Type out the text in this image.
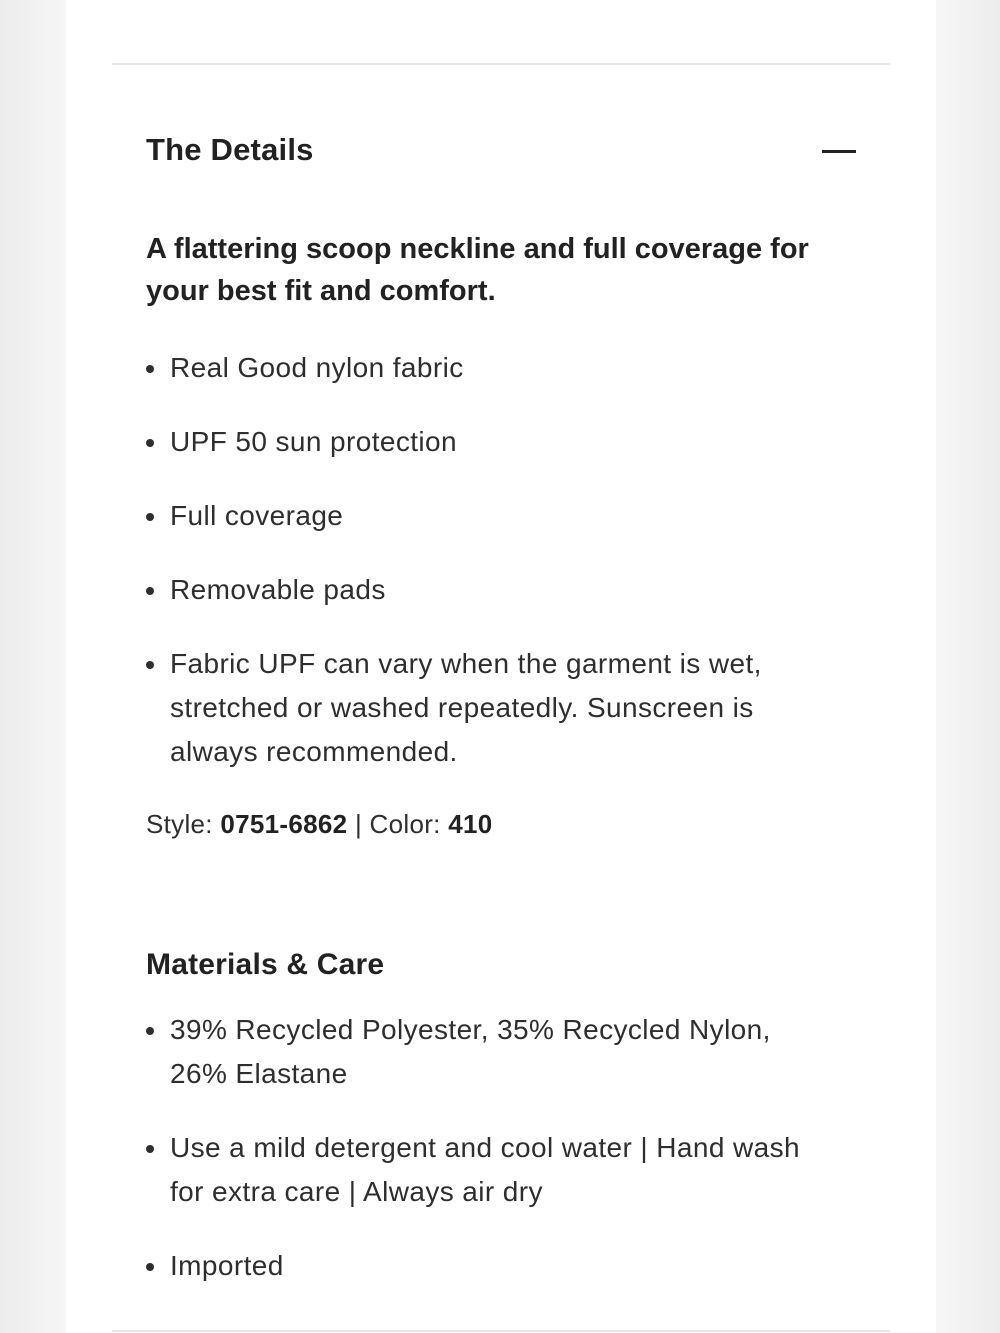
The Details

A flattering scoop neckline and full coverage for your best fit and comfort.

Real Good nylon fabric
UPF 50 sun protection
Full coverage
Removable pads
Fabric UPF can vary when the garment is wet, stretched or washed repeatedly. Sunscreen is always recommended.
Style: 0751-6862 | Color: 410
Materials & Care
39% Recycled Polyester, 35% Recycled Nylon, 26% Elastane
Use a mild detergent and cool water | Hand wash for extra care | Always air dry
Imported
